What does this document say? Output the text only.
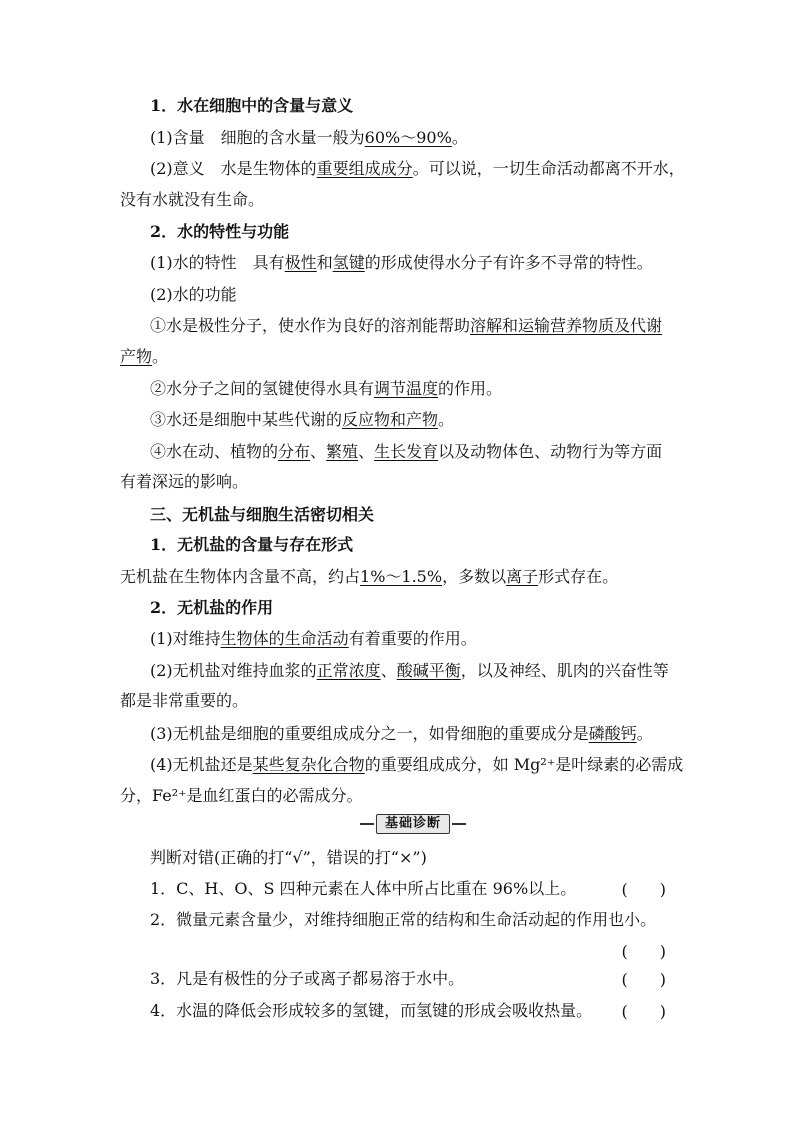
1．水在细胞中的含量与意义
(1)含量　细胞的含水量一般为60%～90%。
(2)意义　水是生物体的重要组成成分。可以说，一切生命活动都离不开水，
没有水就没有生命。
2．水的特性与功能
(1)水的特性　具有极性和氢键的形成使得水分子有许多不寻常的特性。
(2)水的功能
①水是极性分子，使水作为良好的溶剂能帮助溶解和运输营养物质及代谢
产物。
②水分子之间的氢键使得水具有调节温度的作用。
③水还是细胞中某些代谢的反应物和产物。
④水在动、植物的分布、繁殖、生长发育以及动物体色、动物行为等方面
有着深远的影响。
三、无机盐与细胞生活密切相关
1．无机盐的含量与存在形式
无机盐在生物体内含量不高，约占1%～1.5%，多数以离子形式存在。
2．无机盐的作用
(1)对维持生物体的生命活动有着重要的作用。
(2)无机盐对维持血浆的正常浓度、酸碱平衡，以及神经、肌肉的兴奋性等
都是非常重要的。
(3)无机盐是细胞的重要组成成分之一，如骨细胞的重要成分是磷酸钙。
(4)无机盐还是某些复杂化合物的重要组成成分，如 Mg²⁺是叶绿素的必需成
分，Fe²⁺是血红蛋白的必需成分。
基础诊断
判断对错(正确的打“√”，错误的打“×”)
1．C、H、O、S 四种元素在人体中所占比重在 96%以上。	(　　)
2．微量元素含量少，对维持细胞正常的结构和生命活动起的作用也小。
(　　)
3．凡是有极性的分子或离子都易溶于水中。	(　　)
4．水温的降低会形成较多的氢键，而氢键的形成会吸收热量。	(　　)
